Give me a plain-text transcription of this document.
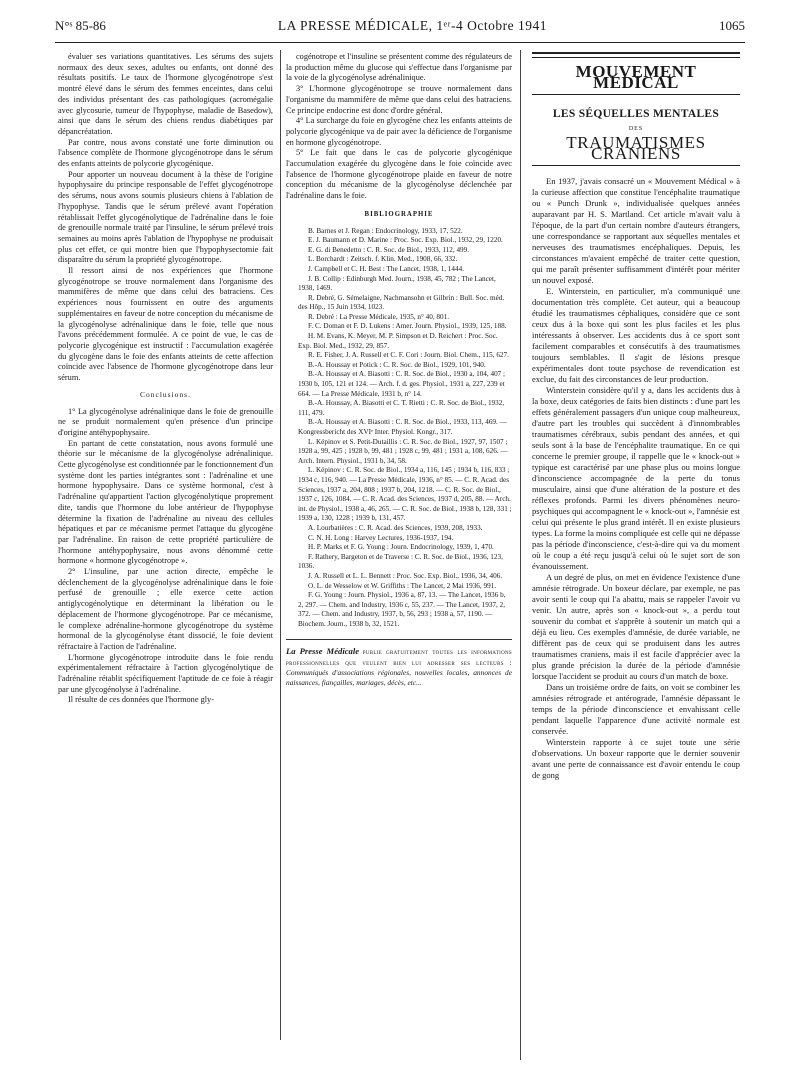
N°ˢ 85-86	LA PRESSE MÉDICALE, 1ᵉʳ-4 Octobre 1941	1065

évaluer ses variations quantitatives. Les sérums des sujets normaux des deux sexes, adultes ou enfants, ont donné des résultats positifs. Le taux de l'hormone glycogénotrope s'est montré élevé dans le sérum des femmes enceintes, dans celui des individus présentant des cas pathologiques (acromégalie avec glycosurie, tumeur de l'hypophyse, maladie de Basedow), ainsi que dans le sérum des chiens rendus diabétiques par dépancréatation.

Par contre, nous avons constaté une forte diminution ou l'absence complète de l'hormone glycogénotrope dans le sérum des enfants atteints de polycorie glycogénique.

Pour apporter un nouveau document à la thèse de l'origine hypophysaire du principe responsable de l'effet glycogénotrope des sérums, nous avons soumis plusieurs chiens à l'ablation de l'hypophyse. Tandis que le sérum prélevé avant l'opération rétablissait l'effet glycogénolytique de l'adrénaline dans le foie de grenouille normale traité par l'insuline, le sérum prélevé trois semaines au moins après l'ablation de l'hypophyse ne produisait plus cet effet, ce qui montre bien que l'hypophysectomie fait disparaître du sérum la propriété glycogénotrope.

Il ressort ainsi de nos expériences que l'hormone glycogénotrope se trouve normalement dans l'organisme des mammifères de même que dans celui des batraciens. Ces expériences nous fournissent en outre des arguments supplémentaires en faveur de notre conception du mécanisme de la glycogénolyse adrénalinique dans le foie, telle que nous l'avons précédemment formulée. A ce point de vue, le cas de polycorie glycogénique est instructif : l'accumulation exagérée du glycogène dans le foie des enfants atteints de cette affection coïncide avec l'absence de l'hormone glycogénotrope dans leur sérum.

Conclusions.

1° La glycogénolyse adrénalinique dans le foie de grenouille ne se produit normalement qu'en présence d'un principe d'origine antéhypophysaire.

En partant de cette constatation, nous avons formulé une théorie sur le mécanisme de la glycogénolyse adrénalinique. Cette glycogénolyse est conditionnée par le fonctionnement d'un système dont les parties intégrantes sont : l'adrénaline et une hormone hypophysaire. Dans ce système hormonal, c'est à l'adrénaline qu'appartient l'action glycogénolytique proprement dite, tandis que l'hormone du lobe antérieur de l'hypophyse détermine la fixation de l'adrénaline au niveau des cellules hépatiques et par ce mécanisme permet l'attaque du glycogène par l'adrénaline. En raison de cette propriété particulière de l'hormone antéhypophysaire, nous avons dénommé cette hormone « hormone glycogénotrope ».

2° L'insuline, par une action directe, empêche le déclenchement de la glycogénolyse adrénalinique dans le foie perfusé de grenouille ; elle exerce cette action antiglycogénolytique en déterminant la libération ou le déplacement de l'hormone glycogénotrope. Par ce mécanisme, le complexe adrénaline-hormone glycogénotrope du système hormonal de la glycogénolyse étant dissocié, le foie devient réfractaire à l'action de l'adrénaline.

L'hormone glycogénotrope introduite dans le foie rendu expérimentalement réfractaire à l'action glycogénolytique de l'adrénaline rétablit spécifiquement l'aptitude de ce foie à réagir par une glycogénolyse à l'adrénaline.

Il résulte de ces données que l'hormone gly-

cogénotrope et l'insuline se présentent comme des régulateurs de la production même du glucose qui s'effectue dans l'organisme par la voie de la glycogénolyse adrénalinique.

3° L'hormone glycogénotrope se trouve normalement dans l'organisme du mammifère de même que dans celui des batraciens. Ce principe endocrine est donc d'ordre général.

4° La surcharge du foie en glycogène chez les enfants atteints de polycorie glycogénique va de pair avec la déficience de l'organisme en hormone glycogénotrope.

5° Le fait que dans le cas de polycorie glycogénique l'accumulation exagérée du glycogène dans le foie coïncide avec l'absence de l'hormone glycogénotrope plaide en faveur de notre conception du mécanisme de la glycogénolyse déclenchée par l'adrénaline dans le foie.

BIBLIOGRAPHIE

B. Barnes et J. Regan : Endocrinology, 1933, 17, 522.

E. J. Baumann et D. Marine : Proc. Soc. Exp. Biol., 1932, 29, 1220.

E. G. di Benedetto : C. R. Soc. de Biol., 1933, 112, 499.

L. Borchardt : Zeitsch. f. Klin. Med., 1908, 66, 332.

J. Campbell et C. H. Best : The Lancet, 1938, 1, 1444.

J. B. Collip : Edinburgh Med. Journ., 1938, 45, 782 ; The Lancet, 1938, 1469.

R. Debré, G. Sémelaigne, Nachmansohn et Gilbrin : Bull. Soc. méd. des Hôp., 15 Juin 1934, 1023.

R. Debré : La Presse Médicale, 1935, n° 40, 801.

F. C. Doman et F. D. Lukens : Amer. Journ. Physiol., 1939, 125, 188.

H. M. Evans, K. Meyer, M. P. Simpson et D. Reichert : Proc. Soc. Exp. Biol. Med., 1932, 29, 857.

R. E. Fisher, J. A. Russell et C. F. Cori : Journ. Biol. Chem., 115, 627.

B.-A. Houssay et Potick : C. R. Soc. de Biol., 1929, 101, 940.

B.-A. Houssay et A. Biasotti : C. R. Soc. de Biol., 1930 a, 104, 407 ; 1930 b, 105, 121 et 124. — Arch. f. d. ges. Physiol., 1931 a, 227, 239 et 664. — La Presse Médicale, 1931 b, n° 14.

B.-A. Houssay, A. Biasotti et C. T. Rietti : C. R. Soc. de Biol., 1932, 111, 479.

B.-A. Houssay et A. Biasotti : C. R. Soc. de Biol., 1933, 113, 469. — Kongressbericht des XVIᵉ Inter. Physiol. Kongr., 317.

L. Képinov et S. Petit-Dutaillis : C. R. Soc. de Biol., 1927, 97, 1507 ; 1928 a, 99, 425 ; 1928 b, 99, 481 ; 1928 c, 99, 481 ; 1931 a, 108, 626. — Arch. Intern. Physiol., 1931 b, 34, 58.

L. Képinov : C. R. Soc. de Biol., 1934 a, 116, 145 ; 1934 b, 116, 833 ; 1934 c, 116, 940. — La Presse Médicale, 1936, n° 85. — C. R. Acad. des Sciences, 1937 a, 204, 808 ; 1937 b, 204, 1218. — C. R. Soc. de Biol., 1937 c, 126, 1084. — C. R. Acad. des Sciences, 1937 d, 205, 88. — Arch. int. de Physiol., 1938 a, 46, 265. — C. R. Soc. de Biol., 1938 b, 128, 331 ; 1939 a, 130, 1228 ; 1939 b, 131, 457.

A. Lourbatières : C. R. Acad. des Sciences, 1939, 208, 1933.

C. N. H. Long : Harvey Lectures, 1936-1937, 194.

H. P. Marks et F. G. Young : Journ. Endocrinology, 1939, 1, 470.

F. Rathery, Bargeton et de Traverse : C. R. Soc. de Biol., 1936, 123, 1036.

J. A. Russell et L. L. Bennett : Proc. Soc. Exp. Biol., 1936, 34, 406.

O. L. de Wesselow et W. Griffiths : The Lancet, 2 Mai 1936, 991.

F. G. Young : Journ. Physiol., 1936 a, 87, 13. — The Lancet, 1936 b, 2, 297. — Chem. and Industry, 1936 c, 55, 237. — The Lancet, 1937, 2, 372. — Chem. and Industry, 1937, b, 56, 293 ; 1938 a, 57, 1190. — Biochem. Journ., 1938 b, 32, 1521.

La Presse Médicale publie gratuitement toutes les informations professionnelles que veulent bien lui adresser ses lecteurs : Communiqués d'associations régionales, nouvelles locales, annonces de naissances, fiançailles, mariages, décès, etc...
MOUVEMENT MÉDICAL
LES SÉQUELLES MENTALES
DES
TRAUMATISMES CRANIENS

En 1937, j'avais consacré un « Mouvement Médical » à la curieuse affection que constitue l'encéphalite traumatique ou « Punch Drunk », individualisée quelques années auparavant par H. S. Martland. Cet article m'avait valu à l'époque, de la part d'un certain nombre d'auteurs étrangers, une correspondance se rapportant aux séquelles mentales et nerveuses des traumatismes encéphaliques. Depuis, les circonstances m'avaient empêché de traiter cette question, qui me paraît présenter suffisamment d'intérêt pour mériter un nouvel exposé.

E. Winterstein, en particulier, m'a communiqué une documentation très complète. Cet auteur, qui a beaucoup étudié les traumatismes céphaliques, considère que ce sont ceux dus à la boxe qui sont les plus faciles et les plus intéressants à observer. Les accidents dus à ce sport sont facilement comparables et consécutifs à des traumatismes toujours semblables. Il s'agit de lésions presque expérimentales dont toute psychose de revendication est exclue, du fait des circonstances de leur production.

Winterstein considère qu'il y a, dans les accidents dus à la boxe, deux catégories de faits bien distincts : d'une part les effets généralement passagers d'un unique coup malheureux, d'autre part les troubles qui succèdent à d'innombrables traumatismes cérébraux, subis pendant des années, et qui seuls sont à la base de l'encéphalite traumatique. En ce qui concerne le premier groupe, il rappelle que le « knock-out » typique est caractérisé par une phase plus ou moins longue d'inconscience accompagnée de la perte du tonus musculaire, ainsi que d'une altération de la posture et des réflexes profonds. Parmi les divers phénomènes neuro-psychiques qui accompagnent le « knock-out », l'amnésie est celui qui présente le plus grand intérêt. Il en existe plusieurs types. La forme la moins compliquée est celle qui ne dépasse pas la période d'inconscience, c'est-à-dire qui va du moment où le coup a été reçu jusqu'à celui où le sujet sort de son évanouissement.

A un degré de plus, on met en évidence l'existence d'une amnésie rétrograde. Un boxeur déclare, par exemple, ne pas avoir senti le coup qui l'a abattu, mais se rappeler l'avoir vu venir. Un autre, après son « knock-out », a perdu tout souvenir du combat et s'apprête à soutenir un match qui a déjà eu lieu. Ces exemples d'amnésie, de durée variable, ne diffèrent pas de ceux qui se produisent dans les autres traumatismes craniens, mais il est facile d'apprécier avec la plus grande précision la durée de la période d'amnésie lorsque l'accident se produit au cours d'un match de boxe.

Dans un troisième ordre de faits, on voit se combiner les amnésies rétrograde et antérograde, l'amnésie dépassant le temps de la période d'inconscience et envahissant celle pendant laquelle l'apparence d'une activité normale est conservée.

Winterstein rapporte à ce sujet toute une série d'observations. Un boxeur rapporte que le dernier souvenir avant une perte de connaissance est d'avoir entendu le coup de gong
